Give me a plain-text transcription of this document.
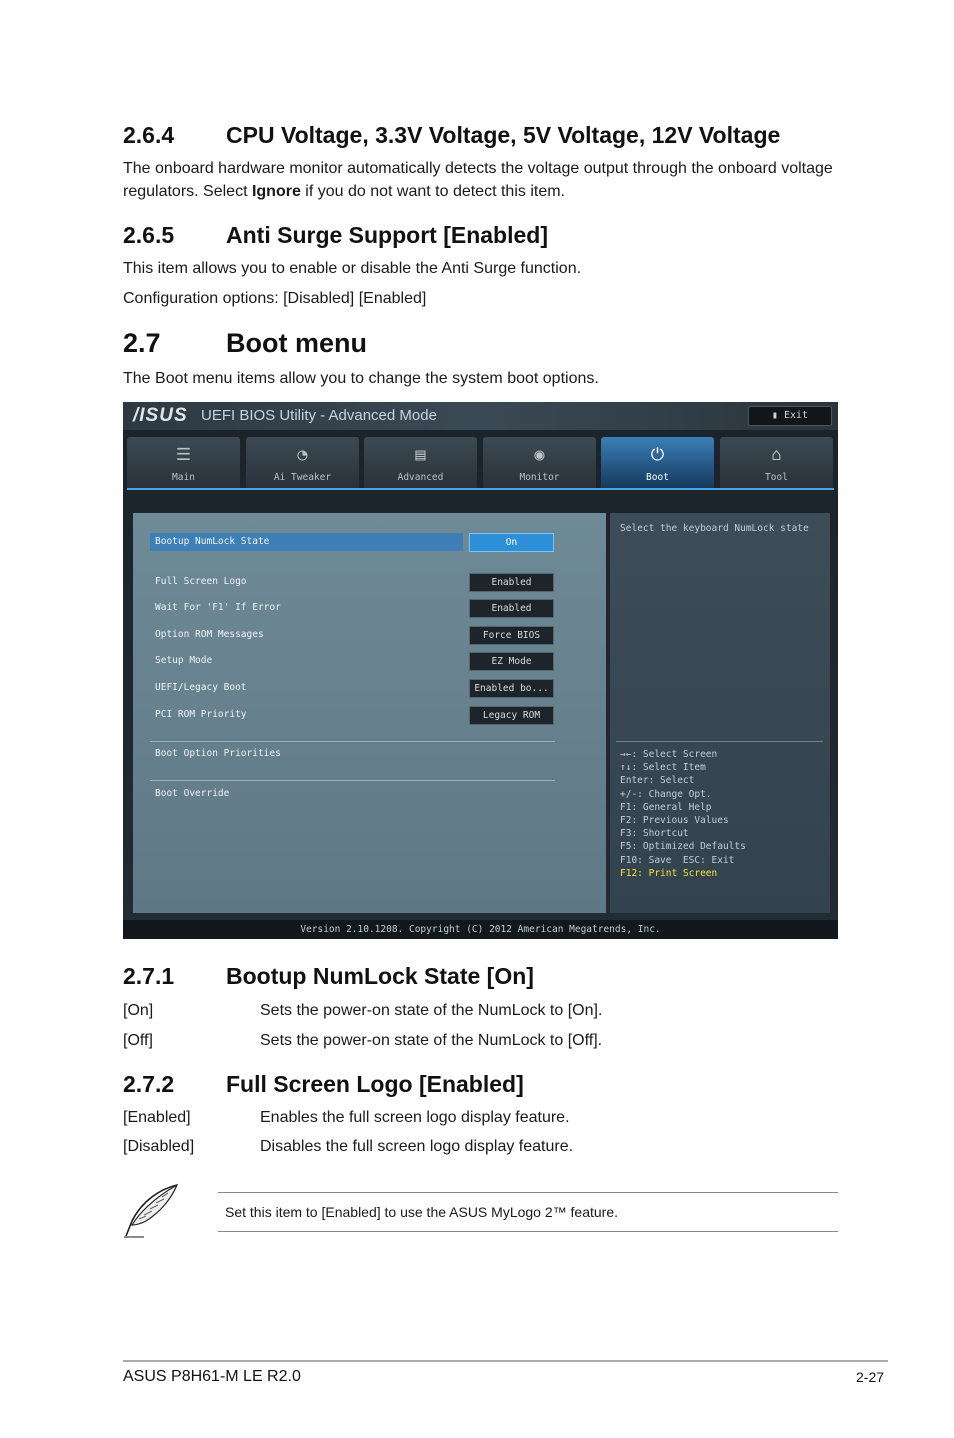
2.6.4 CPU Voltage, 3.3V Voltage, 5V Voltage, 12V Voltage
The onboard hardware monitor automatically detects the voltage output through the onboard voltage regulators. Select Ignore if you do not want to detect this item.
2.6.5 Anti Surge Support [Enabled]
This item allows you to enable or disable the Anti Surge function.
Configuration options: [Disabled] [Enabled]
2.7 Boot menu
The Boot menu items allow you to change the system boot options.
/ISUS UEFI BIOS Utility - Advanced Mode	▮ Exit
☰
Main
◔
Ai Tweaker
▤
Advanced
◉
Monitor
⏻
Boot
⌂
Tool
Bootup NumLock State	On
Full Screen Logo	Enabled
Wait For 'F1' If Error	Enabled
Option ROM Messages	Force BIOS
Setup Mode	EZ Mode
UEFI/Legacy Boot	Enabled bo...
PCI ROM Priority	Legacy ROM
Boot Option Priorities
Boot Override
Select the keyboard NumLock state
→←: Select Screen
↑↓: Select Item
Enter: Select
+/-: Change Opt.
F1: General Help
F2: Previous Values
F3: Shortcut
F5: Optimized Defaults
F10: Save  ESC: Exit
F12: Print Screen
Version 2.10.1208. Copyright (C) 2012 American Megatrends, Inc.
2.7.1 Bootup NumLock State [On]
[On]	Sets the power-on state of the NumLock to [On].
[Off]	Sets the power-on state of the NumLock to [Off].
2.7.2 Full Screen Logo [Enabled]
[Enabled]	Enables the full screen logo display feature.
[Disabled]	Disables the full screen logo display feature.
Set this item to [Enabled] to use the ASUS MyLogo 2™ feature.
ASUS P8H61-M LE R2.0	2-27
